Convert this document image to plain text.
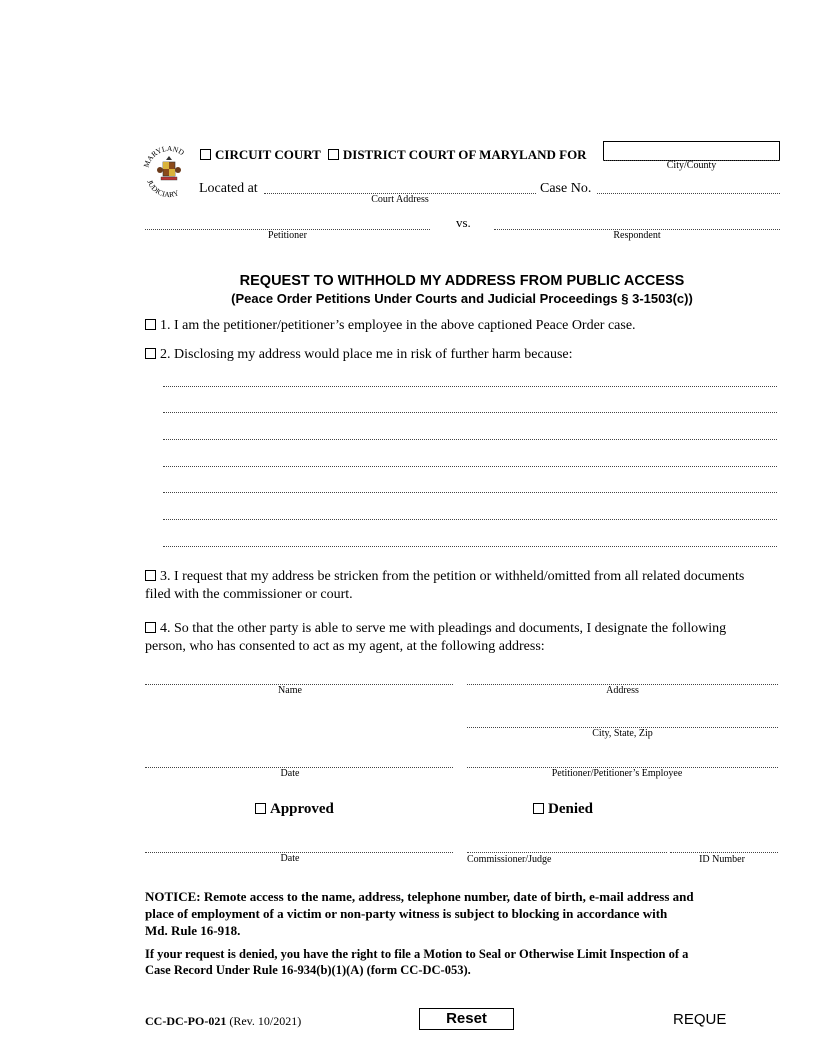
MARYLAND
JUDICIARY
CIRCUIT COURT DISTRICT COURT OF MARYLAND FOR
City/County
Located at
Court Address
Case No.
Petitioner
vs.
Respondent
REQUEST TO WITHHOLD MY ADDRESS FROM PUBLIC ACCESS
(Peace Order Petitions Under Courts and Judicial Proceedings § 3-1503(c))
1. I am the petitioner/petitioner’s employee in the above captioned Peace Order case.
2. Disclosing my address would place me in risk of further harm because:
3. I request that my address be stricken from the petition or withheld/omitted from all related documents
filed with the commissioner or court.
4. So that the other party is able to serve me with pleadings and documents, I designate the following
person, who has consented to act as my agent, at the following address:
Name	Address
City, State, Zip
Date	Petitioner/Petitioner’s Employee
Approved	Denied
Date	Commissioner/Judge	ID Number
NOTICE: Remote access to the name, address, telephone number, date of birth, e-mail address and
place of employment of a victim or non-party witness is subject to blocking in accordance with
Md. Rule 16-918.
If your request is denied, you have the right to file a Motion to Seal or Otherwise Limit Inspection of a
Case Record Under Rule 16-934(b)(1)(A) (form CC-DC-053).
CC-DC-PO-021 (Rev. 10/2021)	Reset	REQUE
